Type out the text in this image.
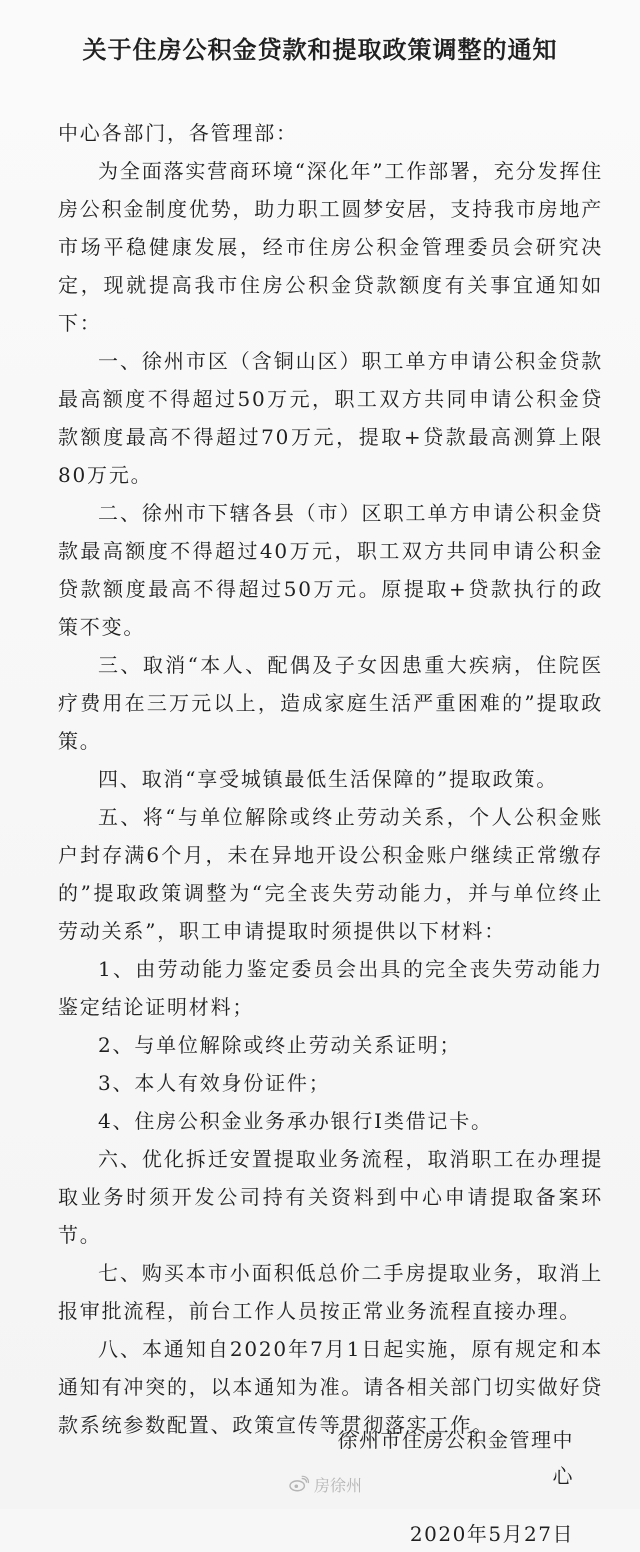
关于住房公积金贷款和提取政策调整的通知

中心各部门，各管理部：

为全面落实营商环境“深化年”工作部署，充分发挥住房公积金制度优势，助力职工圆梦安居，支持我市房地产市场平稳健康发展，经市住房公积金管理委员会研究决定，现就提高我市住房公积金贷款额度有关事宜通知如下：

一、徐州市区（含铜山区）职工单方申请公积金贷款最高额度不得超过50万元，职工双方共同申请公积金贷款额度最高不得超过70万元，提取+贷款最高测算上限80万元。

二、徐州市下辖各县（市）区职工单方申请公积金贷款最高额度不得超过40万元，职工双方共同申请公积金贷款额度最高不得超过50万元。原提取+贷款执行的政策不变。

三、取消“本人、配偶及子女因患重大疾病，住院医疗费用在三万元以上，造成家庭生活严重困难的”提取政策。

四、取消“享受城镇最低生活保障的”提取政策。

五、将“与单位解除或终止劳动关系，个人公积金账户封存满6个月，未在异地开设公积金账户继续正常缴存的”提取政策调整为“完全丧失劳动能力，并与单位终止劳动关系”，职工申请提取时须提供以下材料：

1、由劳动能力鉴定委员会出具的完全丧失劳动能力鉴定结论证明材料；

2、与单位解除或终止劳动关系证明；

3、本人有效身份证件；

4、住房公积金业务承办银行Ⅰ类借记卡。

六、优化拆迁安置提取业务流程，取消职工在办理提取业务时须开发公司持有关资料到中心申请提取备案环节。

七、购买本市小面积低总价二手房提取业务，取消上报审批流程，前台工作人员按正常业务流程直接办理。

八、本通知自2020年7月1日起实施，原有规定和本通知有冲突的，以本通知为准。请各相关部门切实做好贷款系统参数配置、政策宣传等贯彻落实工作。

徐州市住房公积金管理中心
2020年5月27日
房徐州
